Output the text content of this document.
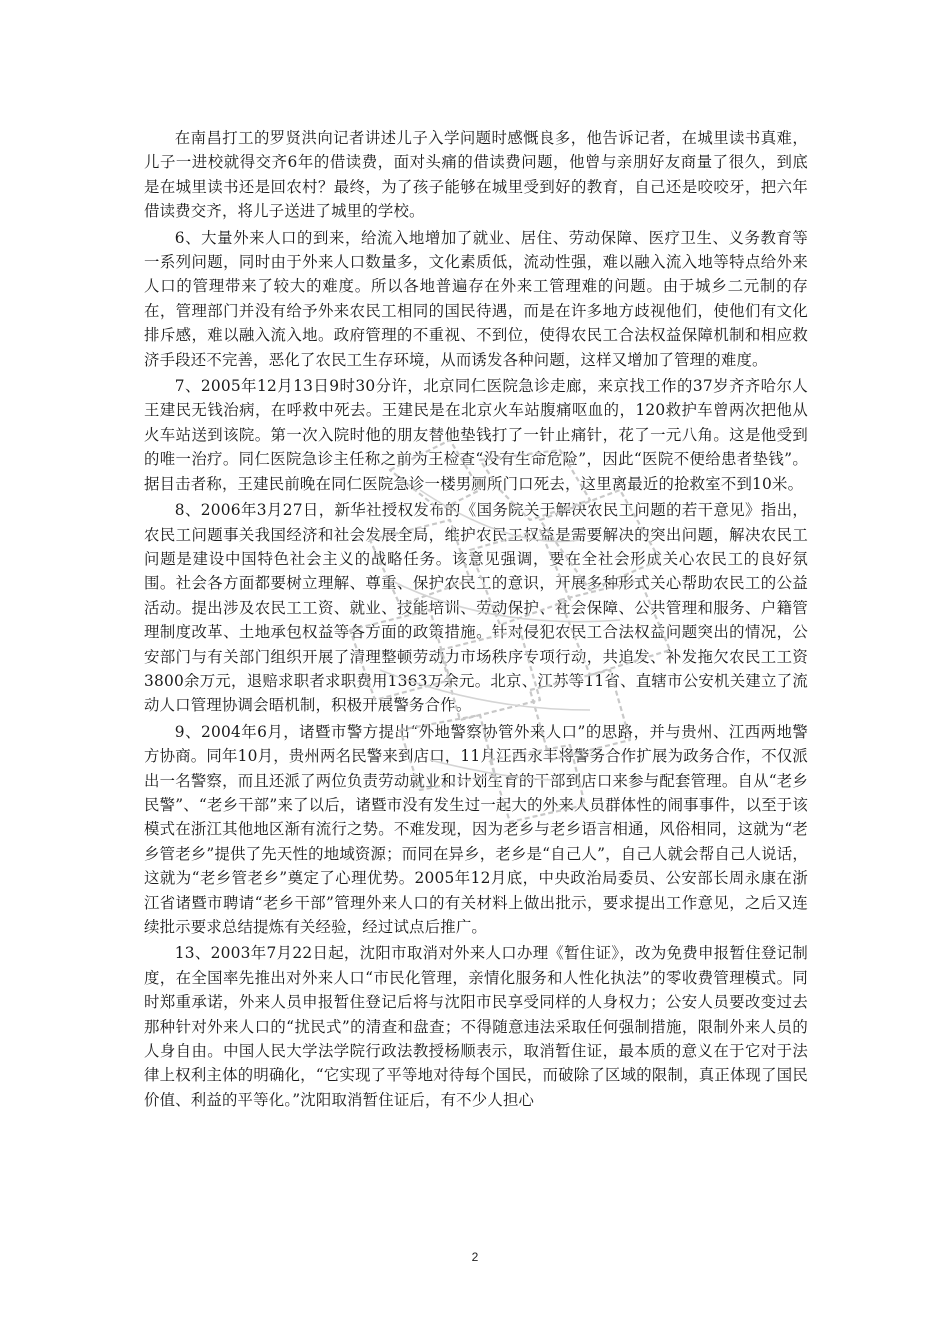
在南昌打工的罗贤洪向记者讲述儿子入学问题时感慨良多，他告诉记者，在城里读书真难，儿子一进校就得交齐6年的借读费，面对头痛的借读费问题，他曾与亲朋好友商量了很久，到底是在城里读书还是回农村？最终，为了孩子能够在城里受到好的教育，自己还是咬咬牙，把六年借读费交齐，将儿子送进了城里的学校。

6、大量外来人口的到来，给流入地增加了就业、居住、劳动保障、医疗卫生、义务教育等一系列问题，同时由于外来人口数量多，文化素质低，流动性强，难以融入流入地等特点给外来人口的管理带来了较大的难度。所以各地普遍存在外来工管理难的问题。由于城乡二元制的存在，管理部门并没有给予外来农民工相同的国民待遇，而是在许多地方歧视他们，使他们有文化排斥感，难以融入流入地。政府管理的不重视、不到位，使得农民工合法权益保障机制和相应救济手段还不完善，恶化了农民工生存环境，从而诱发各种问题，这样又增加了管理的难度。

7、2005年12月13日9时30分许，北京同仁医院急诊走廊，来京找工作的37岁齐齐哈尔人王建民无钱治病，在呼救中死去。王建民是在北京火车站腹痛呕血的，120救护车曾两次把他从火车站送到该院。第一次入院时他的朋友替他垫钱打了一针止痛针，花了一元八角。这是他受到的唯一治疗。同仁医院急诊主任称之前为王检查“没有生命危险”，因此“医院不便给患者垫钱”。据目击者称，王建民前晚在同仁医院急诊一楼男厕所门口死去，这里离最近的抢救室不到10米。

8、2006年3月27日，新华社授权发布的《国务院关于解决农民工问题的若干意见》指出，农民工问题事关我国经济和社会发展全局，维护农民工权益是需要解决的突出问题，解决农民工问题是建设中国特色社会主义的战略任务。该意见强调，要在全社会形成关心农民工的良好氛围。社会各方面都要树立理解、尊重、保护农民工的意识，开展多种形式关心帮助农民工的公益活动。提出涉及农民工工资、就业、技能培训、劳动保护、社会保障、公共管理和服务、户籍管理制度改革、土地承包权益等各方面的政策措施。针对侵犯农民工合法权益问题突出的情况，公安部门与有关部门组织开展了清理整顿劳动力市场秩序专项行动，共追发、补发拖欠农民工工资3800余万元，退赔求职者求职费用1363万余元。北京、江苏等11省、直辖市公安机关建立了流动人口管理协调会晤机制，积极开展警务合作。

9、2004年6月，诸暨市警方提出“外地警察协管外来人口”的思路，并与贵州、江西两地警方协商。同年10月，贵州两名民警来到店口，11月江西永丰将警务合作扩展为政务合作，不仅派出一名警察，而且还派了两位负责劳动就业和计划生育的干部到店口来参与配套管理。自从“老乡民警”、“老乡干部”来了以后，诸暨市没有发生过一起大的外来人员群体性的闹事事件，以至于该模式在浙江其他地区渐有流行之势。不难发现，因为老乡与老乡语言相通，风俗相同，这就为“老乡管老乡”提供了先天性的地域资源；而同在异乡，老乡是“自己人”，自己人就会帮自己人说话，这就为“老乡管老乡”奠定了心理优势。2005年12月底，中央政治局委员、公安部长周永康在浙江省诸暨市聘请“老乡干部”管理外来人口的有关材料上做出批示，要求提出工作意见，之后又连续批示要求总结提炼有关经验，经过试点后推广。

13、2003年7月22日起，沈阳市取消对外来人口办理《暂住证》，改为免费申报暂住登记制度，在全国率先推出对外来人口“市民化管理，亲情化服务和人性化执法”的零收费管理模式。同时郑重承诺，外来人员申报暂住登记后将与沈阳市民享受同样的人身权力；公安人员要改变过去那种针对外来人口的“扰民式”的清查和盘查；不得随意违法采取任何强制措施，限制外来人员的人身自由。中国人民大学法学院行政法教授杨顺表示，取消暂住证，最本质的意义在于它对于法律上权利主体的明确化，“它实现了平等地对待每个国民，而破除了区域的限制，真正体现了国民价值、利益的平等化。”沈阳取消暂住证后，有不少人担心

2
